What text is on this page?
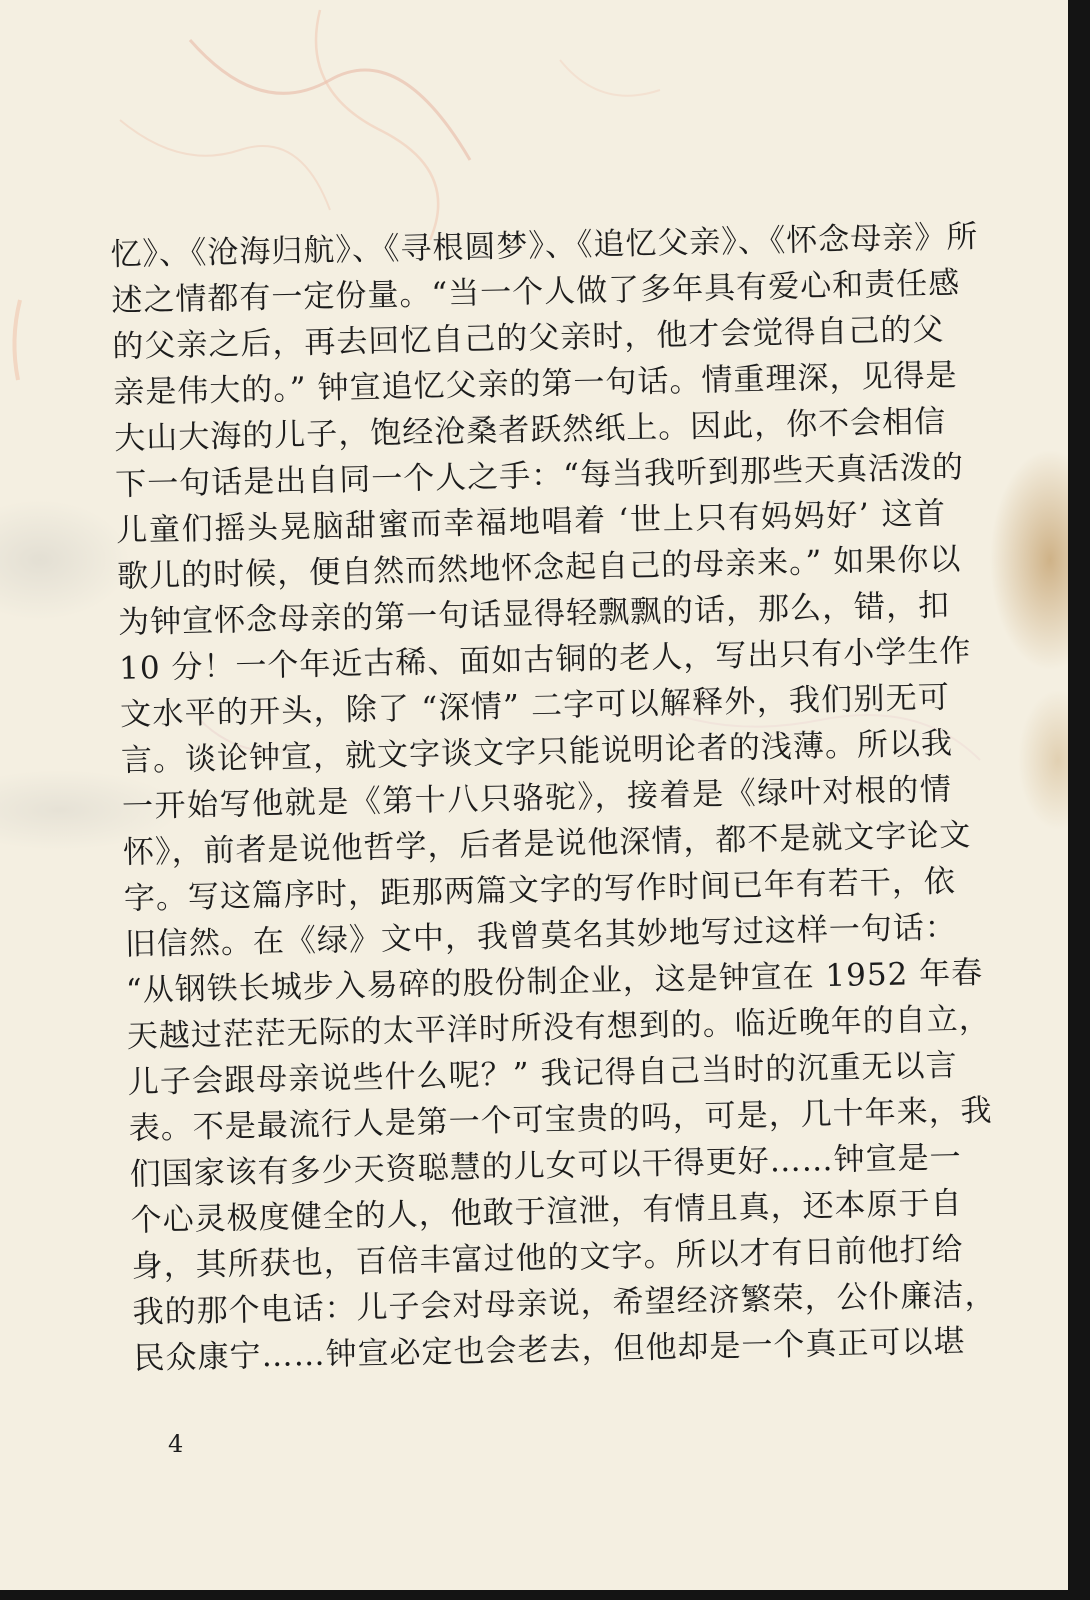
忆》、《沧海归航》、《寻根圆梦》、《追忆父亲》、《怀念母亲》所
述之情都有一定份量。“当一个人做了多年具有爱心和责任感
的父亲之后，再去回忆自己的父亲时，他才会觉得自己的父
亲是伟大的。” 钟宣追忆父亲的第一句话。情重理深，见得是
大山大海的儿子，饱经沧桑者跃然纸上。因此，你不会相信
下一句话是出自同一个人之手：“每当我听到那些天真活泼的
儿童们摇头晃脑甜蜜而幸福地唱着 ‘世上只有妈妈好’ 这首
歌儿的时候，便自然而然地怀念起自己的母亲来。” 如果你以
为钟宣怀念母亲的第一句话显得轻飘飘的话，那么，错，扣
10 分！一个年近古稀、面如古铜的老人，写出只有小学生作
文水平的开头，除了 “深情” 二字可以解释外，我们别无可
言。谈论钟宣，就文字谈文字只能说明论者的浅薄。所以我
一开始写他就是《第十八只骆驼》，接着是《绿叶对根的情
怀》，前者是说他哲学，后者是说他深情，都不是就文字论文
字。写这篇序时，距那两篇文字的写作时间已年有若干，依
旧信然。在《绿》文中，我曾莫名其妙地写过这样一句话：
“从钢铁长城步入易碎的股份制企业，这是钟宣在 1952 年春
天越过茫茫无际的太平洋时所没有想到的。临近晚年的自立，
儿子会跟母亲说些什么呢？” 我记得自己当时的沉重无以言
表。不是最流行人是第一个可宝贵的吗，可是，几十年来，我
们国家该有多少天资聪慧的儿女可以干得更好……钟宣是一
个心灵极度健全的人，他敢于渲泄，有情且真，还本原于自
身，其所获也，百倍丰富过他的文字。所以才有日前他打给
我的那个电话：儿子会对母亲说，希望经济繁荣，公仆廉洁，
民众康宁……钟宣必定也会老去，但他却是一个真正可以堪
4
